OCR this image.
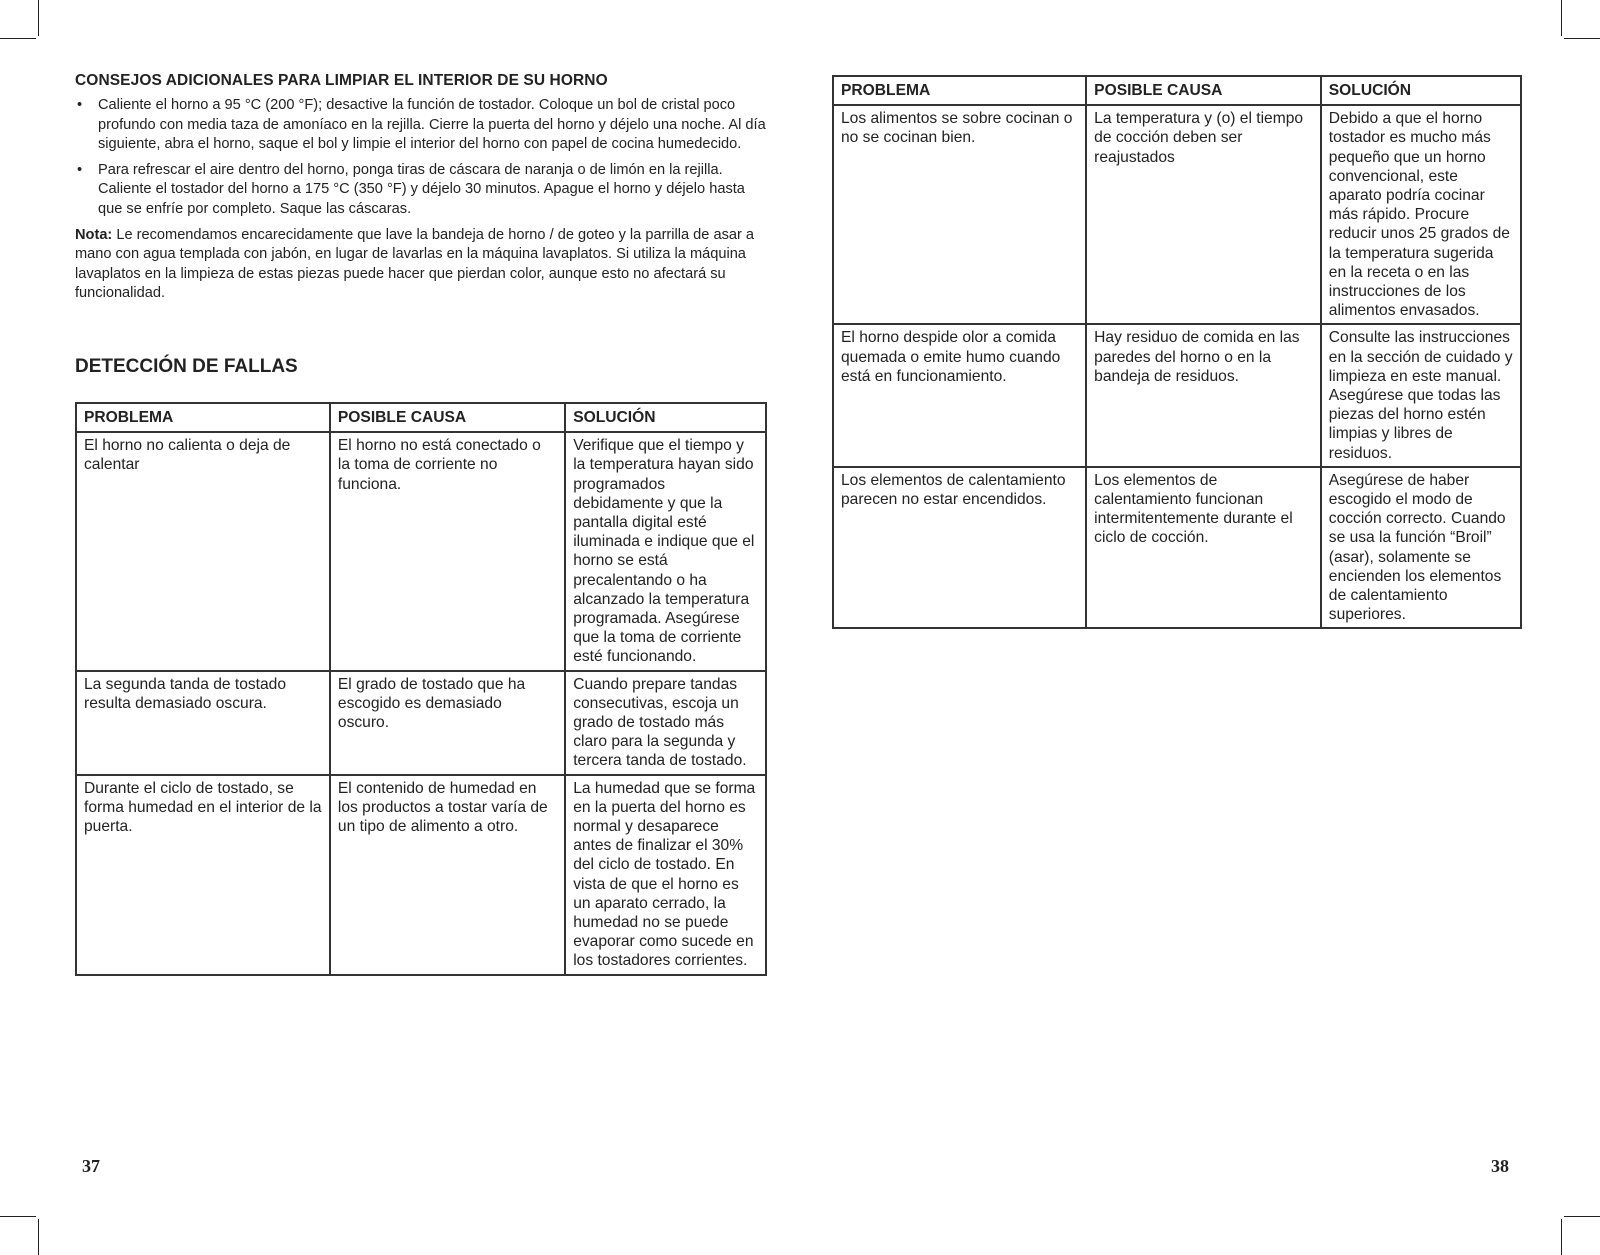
CONSEJOS ADICIONALES PARA LIMPIAR EL INTERIOR DE SU HORNO

• Caliente el horno a 95 °C (200 °F); desactive la función de tostador. Coloque un bol de cristal poco profundo con media taza de amoníaco en la rejilla. Cierre la puerta del horno y déjelo una noche. Al día siguiente, abra el horno, saque el bol y limpie el interior del horno con papel de cocina humedecido.
• Para refrescar el aire dentro del horno, ponga tiras de cáscara de naranja o de limón en la rejilla. Caliente el tostador del horno a 175 °C (350 °F) y déjelo 30 minutos. Apague el horno y déjelo hasta que se enfríe por completo. Saque las cáscaras.

Nota: Le recomendamos encarecidamente que lave la bandeja de horno / de goteo y la parrilla de asar a mano con agua templada con jabón, en lugar de lavarlas en la máquina lavaplatos. Si utiliza la máquina lavaplatos en la limpieza de estas piezas puede hacer que pierdan color, aunque esto no afectará su funcionalidad.

DETECCIÓN DE FALLAS
PROBLEMA	POSIBLE CAUSA	SOLUCIÓN
El horno no calienta o deja de calentar	El horno no está conectado o la toma de corriente no funciona.	Verifique que el tiempo y la temperatura hayan sido programados debidamente y que la pantalla digital esté iluminada e indique que el horno se está precalentando o ha alcanzado la temperatura programada. Asegúrese que la toma de corriente esté funcionando.
La segunda tanda de tostado resulta demasiado oscura.	El grado de tostado que ha escogido es demasiado oscuro.	Cuando prepare tandas consecutivas, escoja un grado de tostado más claro para la segunda y tercera tanda de tostado.
Durante el ciclo de tostado, se forma humedad en el interior de la puerta.	El contenido de humedad en los productos a tostar varía de un tipo de alimento a otro.	La humedad que se forma en la puerta del horno es normal y desaparece antes de finalizar el 30% del ciclo de tostado. En vista de que el horno es un aparato cerrado, la humedad no se puede evaporar como sucede en los tostadores corrientes.
PROBLEMA	POSIBLE CAUSA	SOLUCIÓN
Los alimentos se sobre cocinan o no se cocinan bien.	La temperatura y (o) el tiempo de cocción deben ser reajustados	Debido a que el horno tostador es mucho más pequeño que un horno convencional, este aparato podría cocinar más rápido. Procure reducir unos 25 grados de la temperatura sugerida en la receta o en las instrucciones de los alimentos envasados.
El horno despide olor a comida quemada o emite humo cuando está en funcionamiento.	Hay residuo de comida en las paredes del horno o en la bandeja de residuos.	Consulte las instrucciones en la sección de cuidado y limpieza en este manual. Asegúrese que todas las piezas del horno estén limpias y libres de residuos.
Los elementos de calentamiento parecen no estar encendidos.	Los elementos de calentamiento funcionan intermitentemente durante el ciclo de cocción.	Asegúrese de haber escogido el modo de cocción correcto. Cuando se usa la función “Broil” (asar), solamente se encienden los elementos de calentamiento superiores.
37	38
